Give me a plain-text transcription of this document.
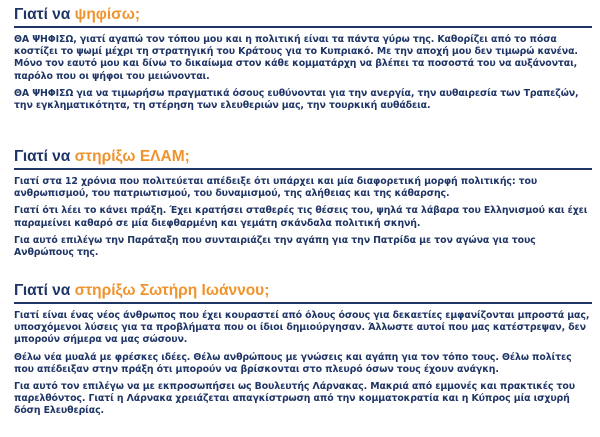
Γιατί να ψηφίσω;

ΘΑ ΨΗΦΙΣΩ, γιατί αγαπώ τον τόπου μου και η πολιτική είναι τα πάντα γύρω της. Καθορίζει από το πόσα κοστίζει το ψωμί μέχρι τη στρατηγική του Κράτους για το Κυπριακό. Με την αποχή μου δεν τιμωρώ κανένα. Μόνο τον εαυτό μου και δίνω το δικαίωμα στον κάθε κομματάρχη να βλέπει τα ποσοστά του να αυξάνονται, παρόλο που οι ψήφοι του μειώνονται.

ΘΑ ΨΗΦΙΣΩ για να τιμωρήσω πραγματικά όσους ευθύνονται για την ανεργία, την αυθαιρεσία των Τραπεζών, την εγκληματικότητα, τη στέρηση των ελευθεριών μας, την τουρκική αυθάδεια.

Γιατί να στηρίξω ΕΛΑΜ;

Γιατί στα 12 χρόνια που πολιτεύεται απέδειξε ότι υπάρχει και μία διαφορετική μορφή πολιτικής: του ανθρωπισμού, του πατριωτισμού, του δυναμισμού, της αλήθειας και της κάθαρσης.

Γιατί ότι λέει το κάνει πράξη. Έχει κρατήσει σταθερές τις θέσεις του, ψηλά τα λάβαρα του Ελληνισμού και έχει παραμείνει καθαρό σε μία διεφθαρμένη και γεμάτη σκάνδαλα πολιτική σκηνή.

Για αυτό επιλέγω την Παράταξη που συνταιριάζει την αγάπη για την Πατρίδα με τον αγώνα για τους Ανθρώπους της.

Γιατί να στηρίξω Σωτήρη Ιωάννου;

Γιατί είναι ένας νέος άνθρωπος που έχει κουραστεί από όλους όσους για δεκαετίες εμφανίζονται μπροστά μας, υποσχόμενοι λύσεις για τα προβλήματα που οι ίδιοι δημιούργησαν. Άλλωστε αυτοί που μας κατέστρεψαν, δεν μπορούν σήμερα να μας σώσουν.

Θέλω νέα μυαλά με φρέσκες ιδέες. Θέλω ανθρώπους με γνώσεις και αγάπη για τον τόπο τους. Θέλω πολίτες που απέδειξαν στην πράξη ότι μπορούν να βρίσκονται στο πλευρό όσων τους έχουν ανάγκη.

Για αυτό τον επιλέγω να με εκπροσωπήσει ως Βουλευτής Λάρνακας. Μακριά από εμμονές και πρακτικές του παρελθόντος. Γιατί η Λάρνακα χρειάζεται απαγκίστρωση από την κομματοκρατία και η Κύπρος μία ισχυρή δόση Ελευθερίας.
